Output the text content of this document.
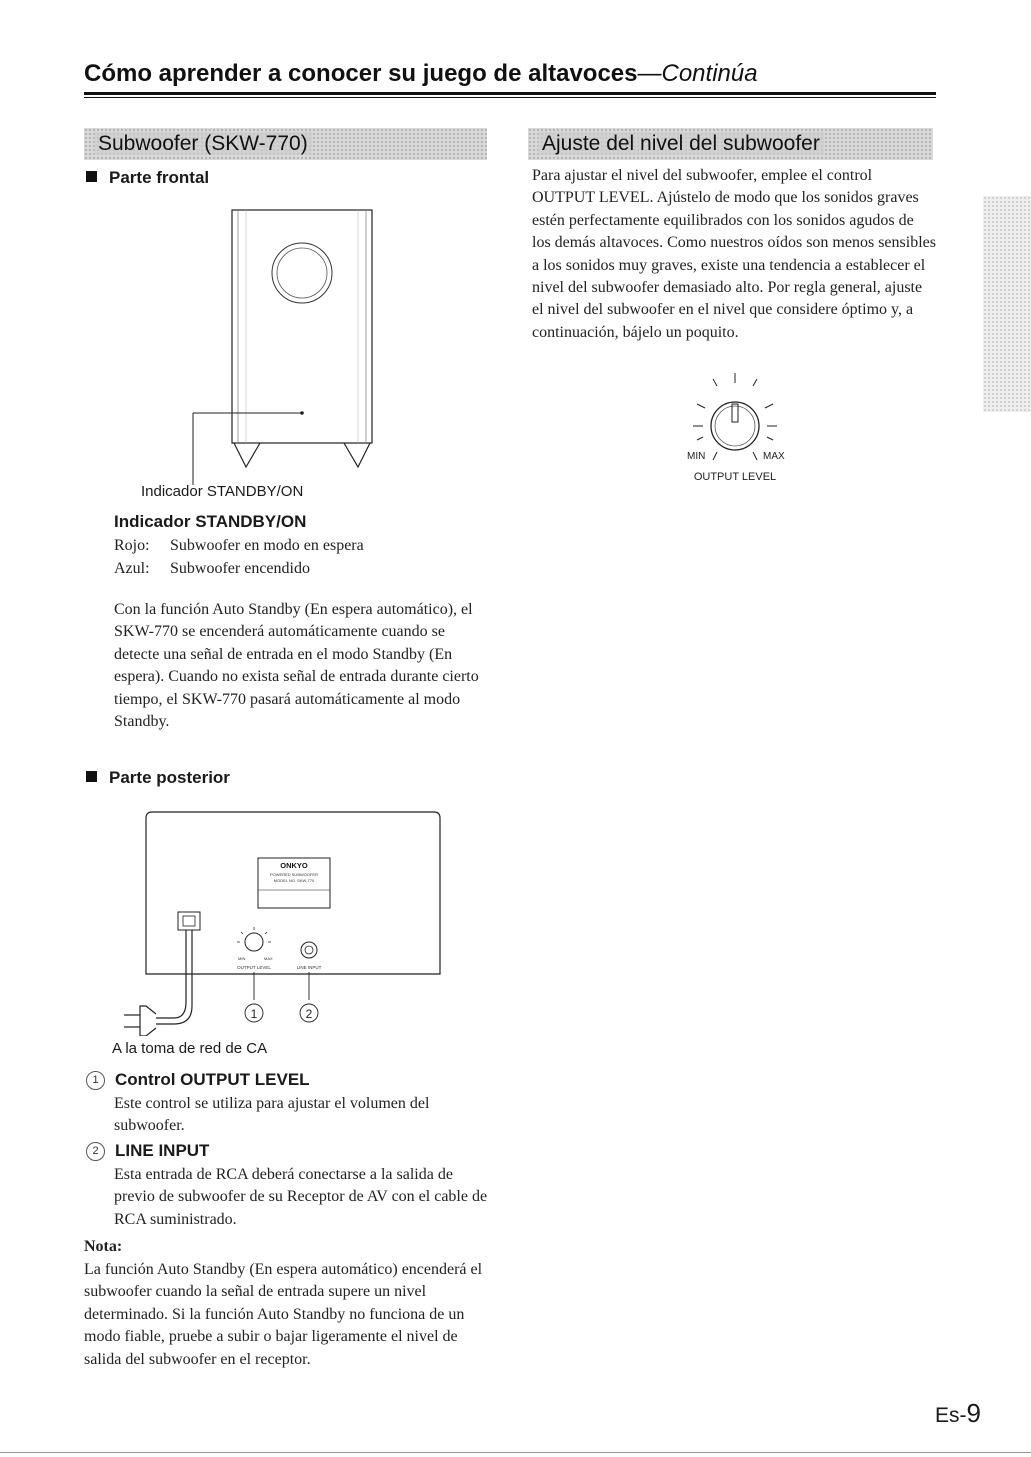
Cómo aprender a conocer su juego de altavoces—Continúa
Subwoofer (SKW-770)
Parte frontal
Indicador STANDBY/ON
Indicador STANDBY/ON
Rojo: Subwoofer en modo en espera
Azul: Subwoofer encendido
Con la función Auto Standby (En espera automático), el SKW-770 se encenderá automáticamente cuando se detecte una señal de entrada en el modo Standby (En espera). Cuando no exista señal de entrada durante cierto tiempo, el SKW-770 pasará automáticamente al modo Standby.
Parte posterior
ONKYO
POWERED SUBWOOFER
MODEL NO. SKW-770
MIN	MAX
OUTPUT LEVEL	LINE INPUT
1	2
A la toma de red de CA
1 Control OUTPUT LEVEL
Este control se utiliza para ajustar el volumen del subwoofer.
2 LINE INPUT
Esta entrada de RCA deberá conectarse a la salida de previo de subwoofer de su Receptor de AV con el cable de RCA suministrado.
Nota:
La función Auto Standby (En espera automático) encenderá el subwoofer cuando la señal de entrada supere un nivel determinado. Si la función Auto Standby no funciona de un modo fiable, pruebe a subir o bajar ligeramente el nivel de salida del subwoofer en el receptor.
Ajuste del nivel del subwoofer
Para ajustar el nivel del subwoofer, emplee el control OUTPUT LEVEL. Ajústelo de modo que los sonidos graves estén perfectamente equilibrados con los sonidos agudos de los demás altavoces. Como nuestros oídos son menos sensibles a los sonidos muy graves, existe una tendencia a establecer el nivel del subwoofer demasiado alto. Por regla general, ajuste el nivel del subwoofer en el nivel que considere óptimo y, a continuación, bájelo un poquito.
MIN	MAX
OUTPUT LEVEL
Es-9
